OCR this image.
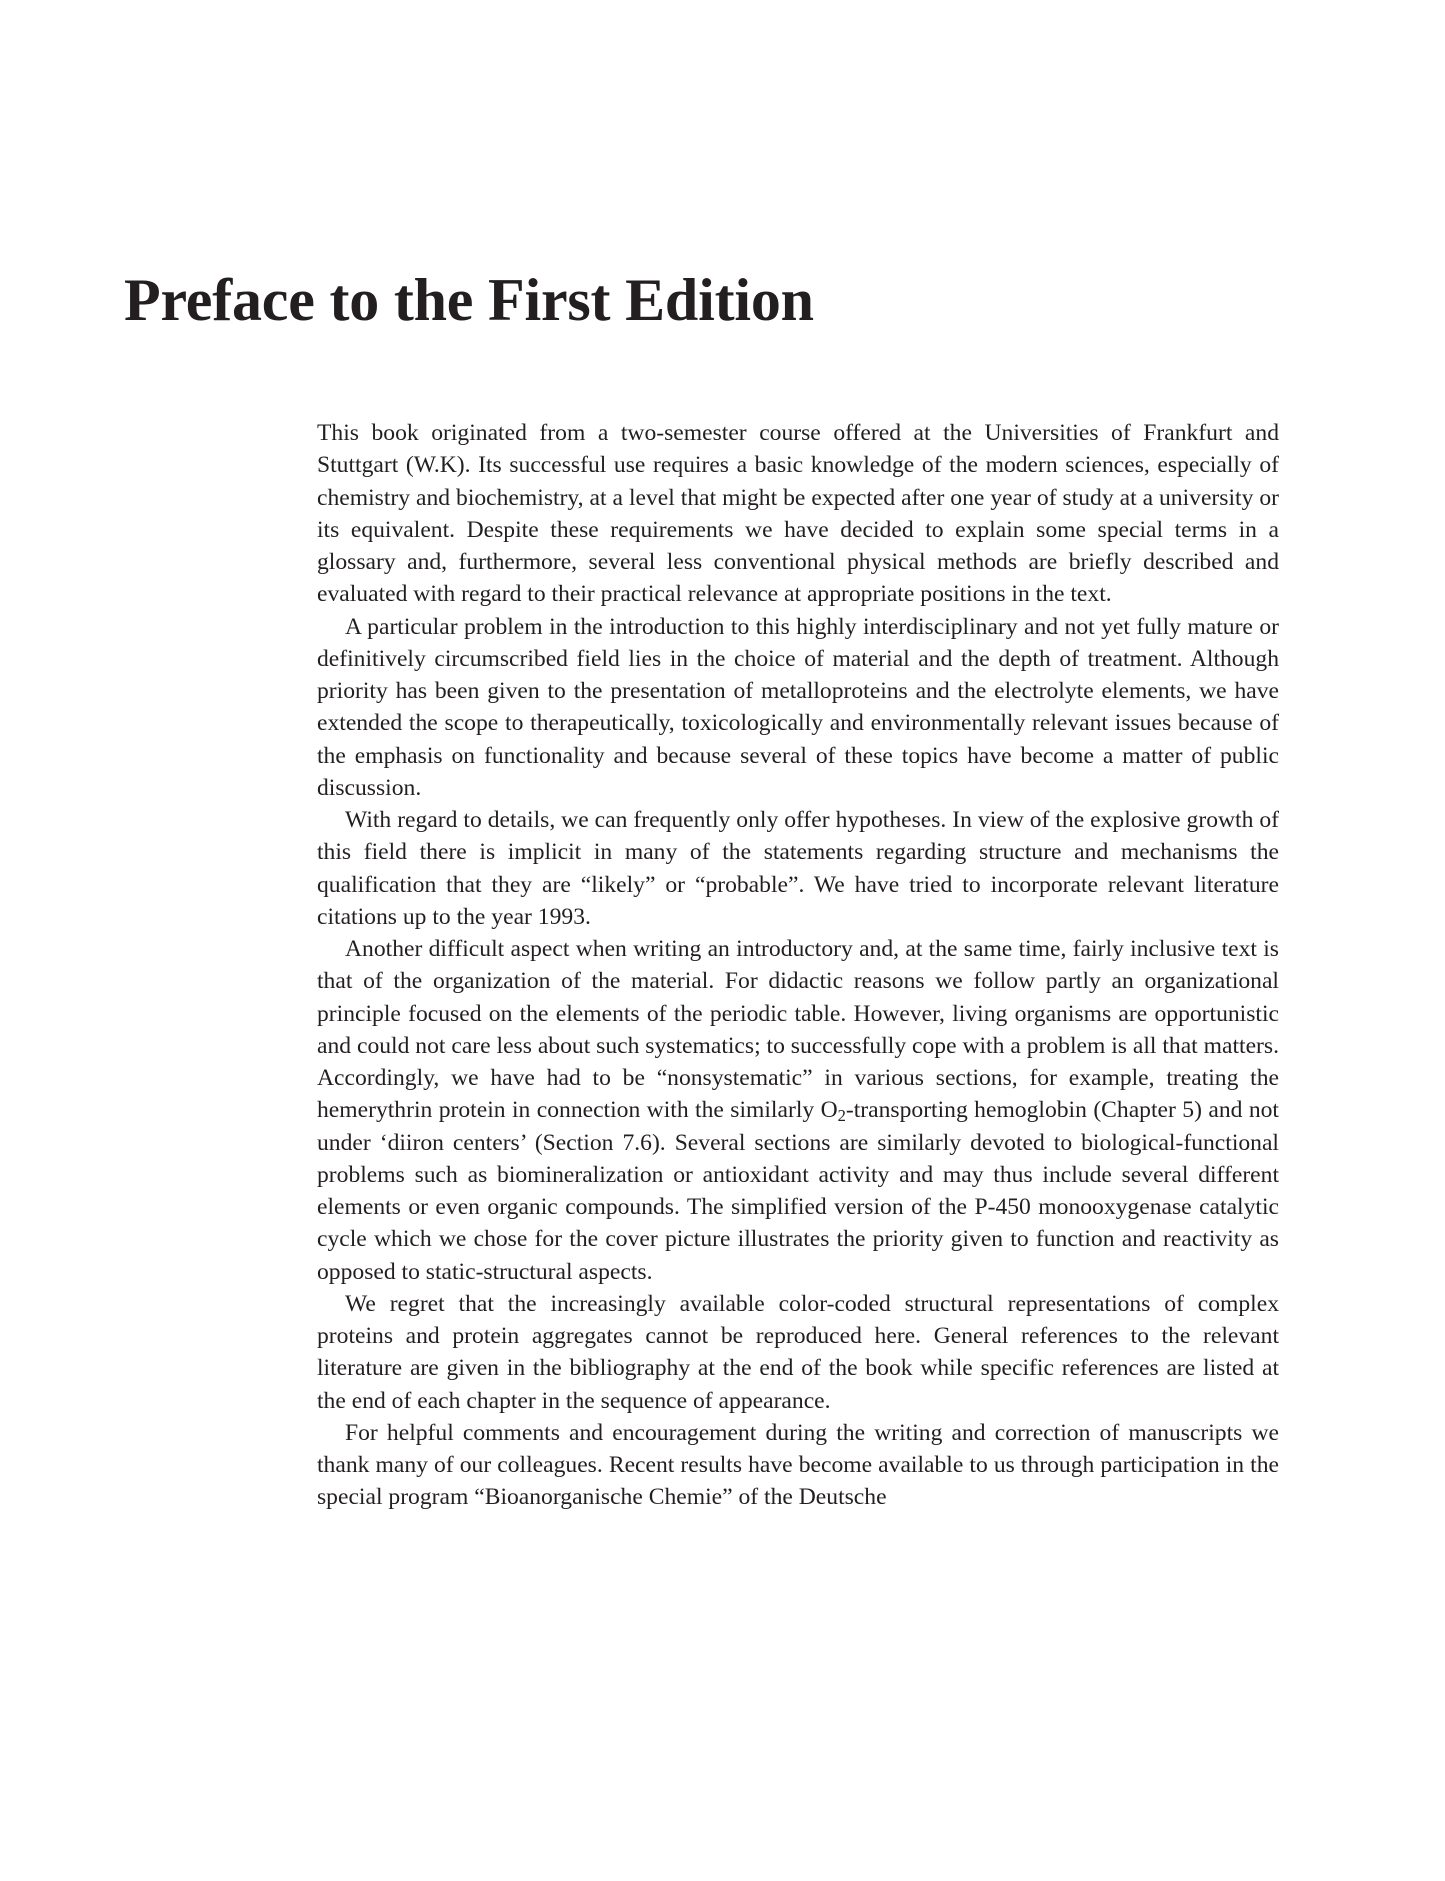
Preface to the First Edition

This book originated from a two-semester course offered at the Universities of Frankfurt and Stuttgart (W.K). Its successful use requires a basic knowledge of the modern sciences, especially of chemistry and biochemistry, at a level that might be expected after one year of study at a university or its equivalent. Despite these requirements we have decided to explain some special terms in a glossary and, furthermore, several less conventional physical methods are briefly described and evaluated with regard to their practical relevance at appropriate positions in the text.

A particular problem in the introduction to this highly interdisciplinary and not yet fully mature or definitively circumscribed field lies in the choice of material and the depth of treatment. Although priority has been given to the presentation of metalloproteins and the electrolyte elements, we have extended the scope to therapeutically, toxicologically and environmentally relevant issues because of the emphasis on functionality and because several of these topics have become a matter of public discussion.

With regard to details, we can frequently only offer hypotheses. In view of the explosive growth of this field there is implicit in many of the statements regarding structure and mechanisms the qualification that they are “likely” or “probable”. We have tried to incorporate relevant literature citations up to the year 1993.

Another difficult aspect when writing an introductory and, at the same time, fairly inclusive text is that of the organization of the material. For didactic reasons we follow partly an organizational principle focused on the elements of the periodic table. However, living organisms are opportunistic and could not care less about such systematics; to successfully cope with a problem is all that matters. Accordingly, we have had to be “nonsystematic” in various sections, for example, treating the hemerythrin protein in connection with the similarly $O_2$-transporting hemoglobin (Chapter 5) and not under ‘diiron centers’ (Section 7.6). Several sections are similarly devoted to biological-functional problems such as biomineralization or antioxidant activity and may thus include several different elements or even organic compounds. The simplified version of the P-450 monooxygenase catalytic cycle which we chose for the cover picture illustrates the priority given to function and reactivity as opposed to static-structural aspects.

We regret that the increasingly available color-coded structural representations of complex proteins and protein aggregates cannot be reproduced here. General references to the relevant literature are given in the bibliography at the end of the book while specific references are listed at the end of each chapter in the sequence of appearance.

For helpful comments and encouragement during the writing and correction of manuscripts we thank many of our colleagues. Recent results have become available to us through participation in the special program “Bioanorganische Chemie” of the Deutsche
